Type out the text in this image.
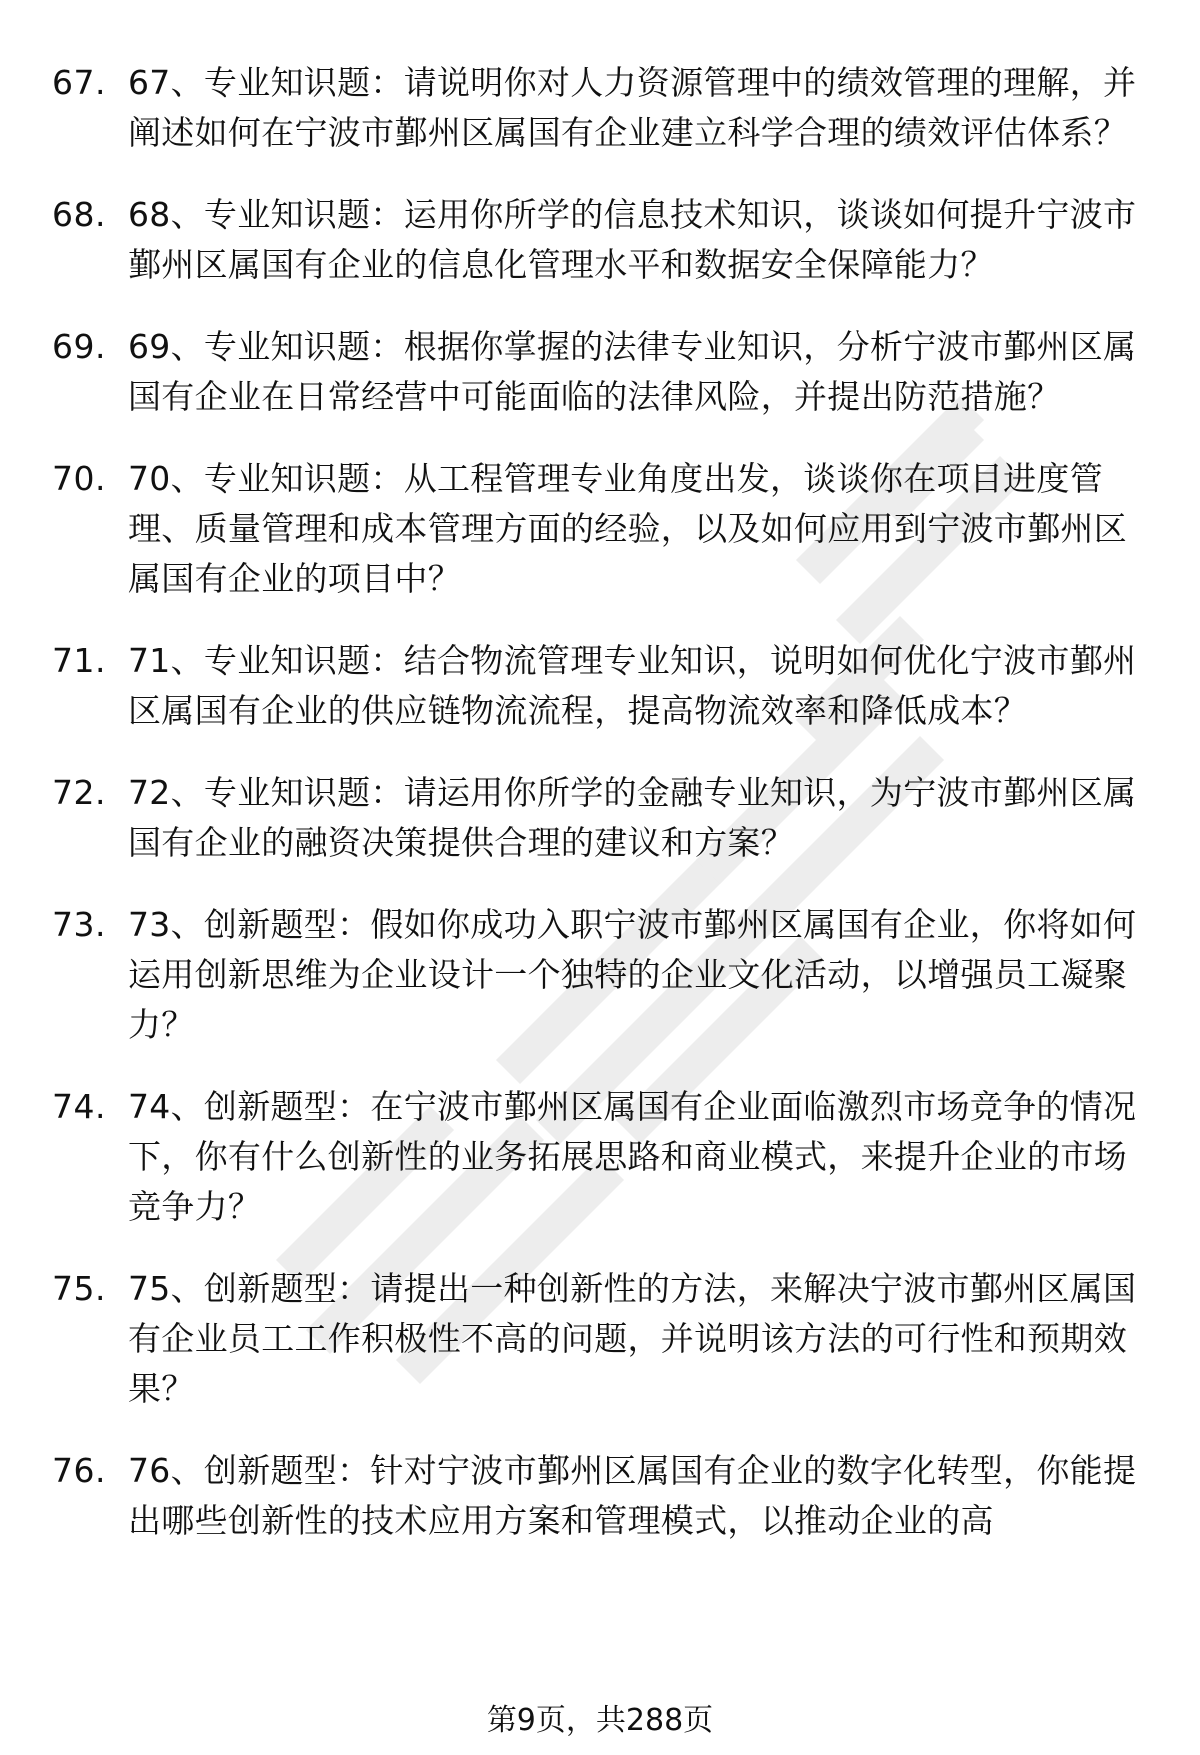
67. 67、专业知识题：请说明你对人力资源管理中的绩效管理的理解，并阐述如何在宁波市鄞州区属国有企业建立科学合理的绩效评估体系？
68. 68、专业知识题：运用你所学的信息技术知识，谈谈如何提升宁波市鄞州区属国有企业的信息化管理水平和数据安全保障能力？
69. 69、专业知识题：根据你掌握的法律专业知识，分析宁波市鄞州区属国有企业在日常经营中可能面临的法律风险，并提出防范措施？
70. 70、专业知识题：从工程管理专业角度出发，谈谈你在项目进度管理、质量管理和成本管理方面的经验，以及如何应用到宁波市鄞州区属国有企业的项目中？
71. 71、专业知识题：结合物流管理专业知识，说明如何优化宁波市鄞州区属国有企业的供应链物流流程，提高物流效率和降低成本？
72. 72、专业知识题：请运用你所学的金融专业知识，为宁波市鄞州区属国有企业的融资决策提供合理的建议和方案？
73. 73、创新题型：假如你成功入职宁波市鄞州区属国有企业，你将如何运用创新思维为企业设计一个独特的企业文化活动，以增强员工凝聚力？
74. 74、创新题型：在宁波市鄞州区属国有企业面临激烈市场竞争的情况下，你有什么创新性的业务拓展思路和商业模式，来提升企业的市场竞争力？
75. 75、创新题型：请提出一种创新性的方法，来解决宁波市鄞州区属国有企业员工工作积极性不高的问题，并说明该方法的可行性和预期效果？
76. 76、创新题型：针对宁波市鄞州区属国有企业的数字化转型，你能提出哪些创新性的技术应用方案和管理模式，以推动企业的高
第9页，共288页
